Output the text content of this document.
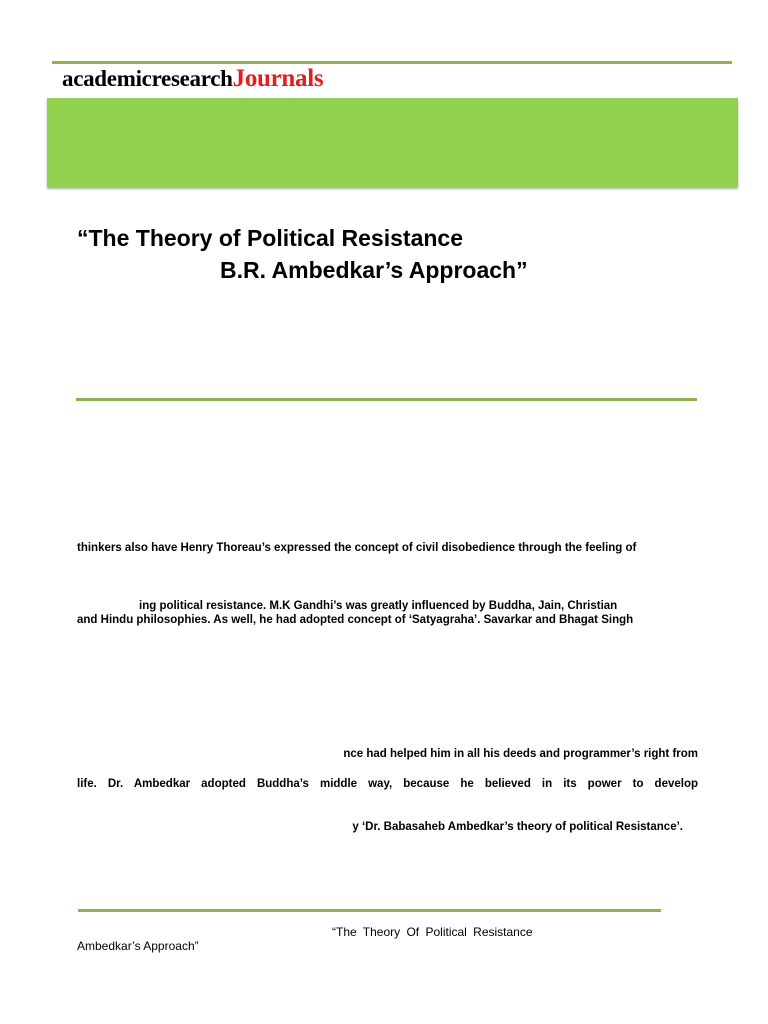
academicresearchJournals
“The Theory of Political Resistance
B.R. Ambedkar’s Approach”
thinkers also have Henry Thoreau’s expressed the concept of civil disobedience through the feeling of
ing political resistance. M.K Gandhi’s was greatly influenced by Buddha, Jain, Christian
and Hindu philosophies. As well, he had adopted concept of ‘Satyagraha’. Savarkar and Bhagat Singh
nce had helped him in all his deeds and programmer’s right from
life. Dr. Ambedkar adopted Buddha’s middle way, because he believed in its power to develop
y ‘Dr. Babasaheb Ambedkar’s theory of political Resistance’.
“The Theory Of Political Resistance
Ambedkar’s Approach”
